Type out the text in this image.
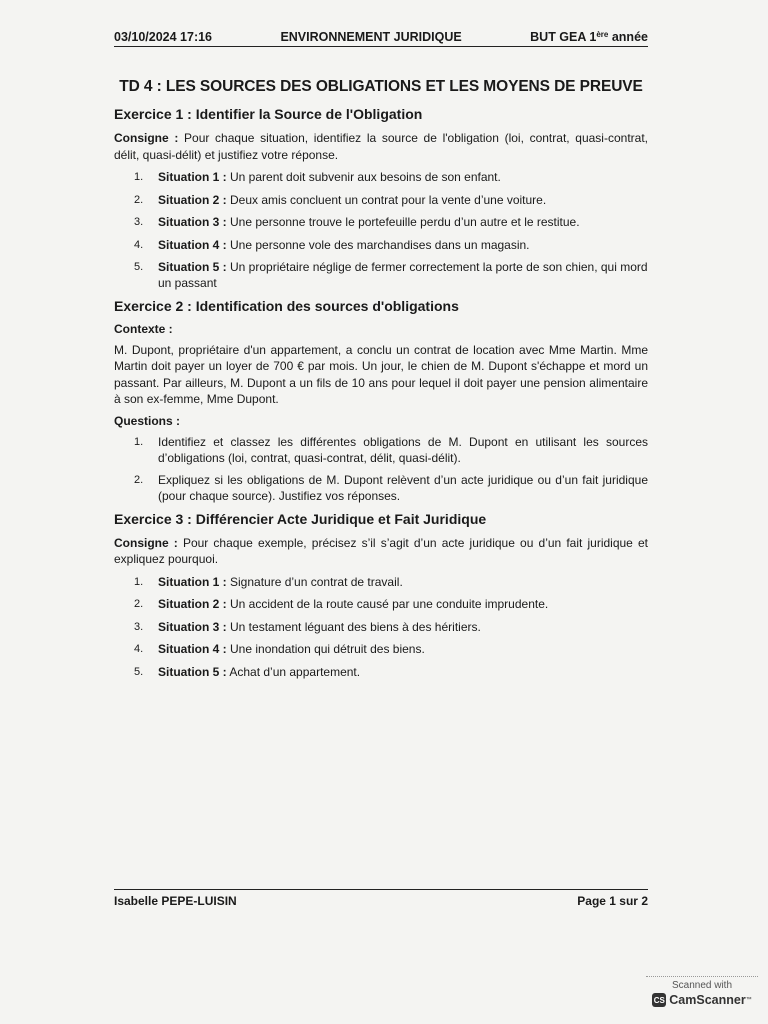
03/10/2024 17:16	ENVIRONNEMENT JURIDIQUE	BUT GEA 1ère année
TD 4 : LES SOURCES DES OBLIGATIONS ET LES MOYENS DE PREUVE
Exercice 1 : Identifier la Source de l'Obligation

Consigne : Pour chaque situation, identifiez la source de l'obligation (loi, contrat, quasi-contrat, délit, quasi-délit) et justifiez votre réponse.

1. Situation 1 : Un parent doit subvenir aux besoins de son enfant.
2. Situation 2 : Deux amis concluent un contrat pour la vente d’une voiture.
3. Situation 3 : Une personne trouve le portefeuille perdu d’un autre et le restitue.
4. Situation 4 : Une personne vole des marchandises dans un magasin.
5. Situation 5 : Un propriétaire néglige de fermer correctement la porte de son chien, qui mord un passant
Exercice 2 : Identification des sources d'obligations

Contexte :

M. Dupont, propriétaire d'un appartement, a conclu un contrat de location avec Mme Martin. Mme Martin doit payer un loyer de 700 € par mois. Un jour, le chien de M. Dupont s'échappe et mord un passant. Par ailleurs, M. Dupont a un fils de 10 ans pour lequel il doit payer une pension alimentaire à son ex-femme, Mme Dupont.

Questions :

1. Identifiez et classez les différentes obligations de M. Dupont en utilisant les sources d’obligations (loi, contrat, quasi-contrat, délit, quasi-délit).
2. Expliquez si les obligations de M. Dupont relèvent d’un acte juridique ou d’un fait juridique (pour chaque source). Justifiez vos réponses.
Exercice 3 : Différencier Acte Juridique et Fait Juridique

Consigne : Pour chaque exemple, précisez s’il s’agit d’un acte juridique ou d’un fait juridique et expliquez pourquoi.

1. Situation 1 : Signature d’un contrat de travail.
2. Situation 2 : Un accident de la route causé par une conduite imprudente.
3. Situation 3 : Un testament léguant des biens à des héritiers.
4. Situation 4 : Une inondation qui détruit des biens.
5. Situation 5 : Achat d’un appartement.
Isabelle PEPE-LUISIN	Page 1 sur 2
Scanned with
CS CamScanner ™
